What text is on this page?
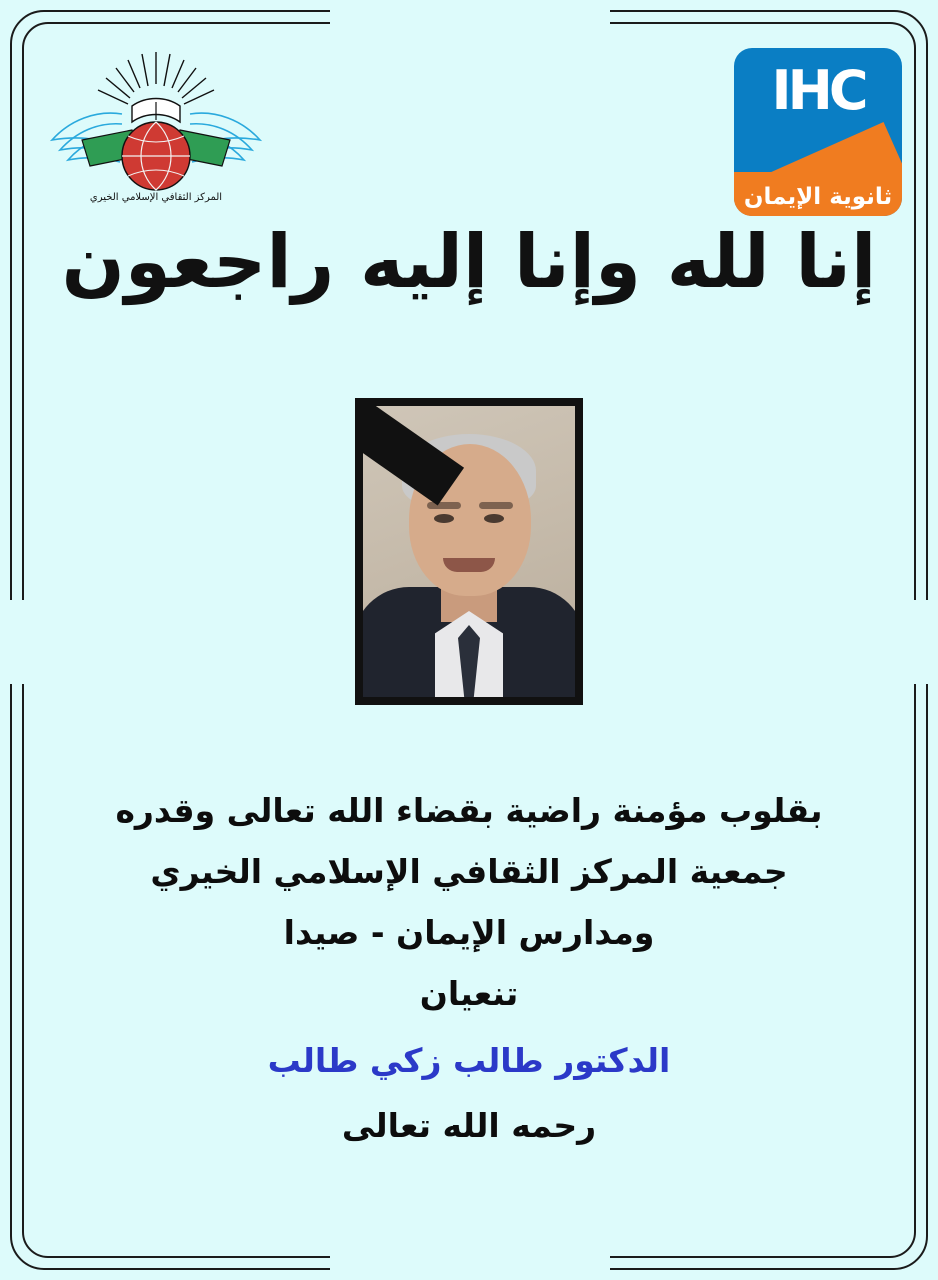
المركز الثقافي الإسلامي الخيري
IHC
ثانوية الإيمان
إنا لله وإنا إليه راجعون
بقلوب مؤمنة راضية بقضاء الله تعالى وقدره
جمعية المركز الثقافي الإسلامي الخيري
ومدارس الإيمان - صيدا
تنعيان
الدكتور طالب زكي طالب
رحمه الله تعالى
